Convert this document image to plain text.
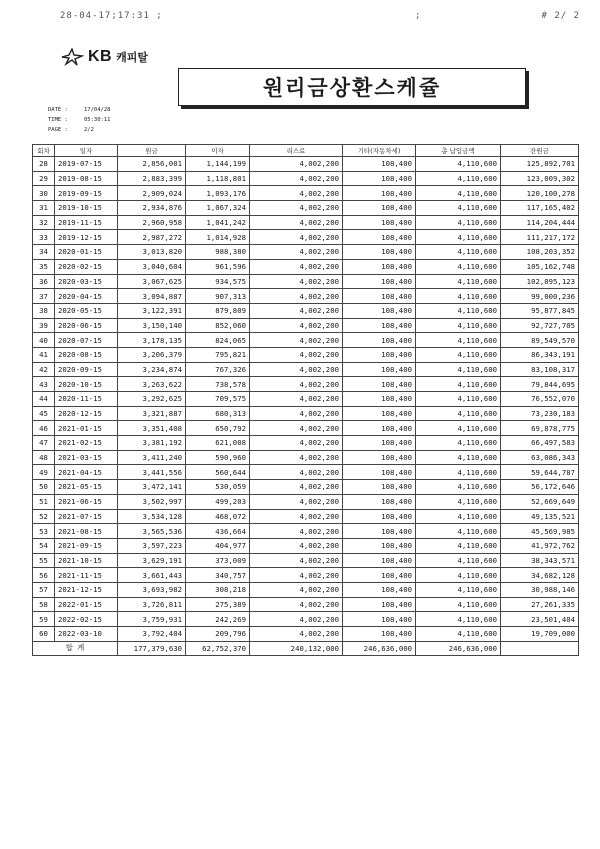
28-04-17;17:31 ;	;	# 2/ 2
KB 캐피탈
원리금상환스케쥴
DATE :	17/04/28
TIME :	05:30:11
PAGE :	2/2
회차	일자	원금	이자	리스료	기타(자동차세)	총 납입금액	잔원금
28	2019-07-15	2,856,001	1,144,199	4,002,200	108,400	4,110,600	125,892,701
29	2019-08-15	2,883,399	1,118,801	4,002,200	108,400	4,110,600	123,009,302
30	2019-09-15	2,909,024	1,093,176	4,002,200	108,400	4,110,600	120,100,278
31	2019-10-15	2,934,876	1,067,324	4,002,200	108,400	4,110,600	117,165,402
32	2019-11-15	2,960,958	1,041,242	4,002,200	108,400	4,110,600	114,204,444
33	2019-12-15	2,987,272	1,014,928	4,002,200	108,400	4,110,600	111,217,172
34	2020-01-15	3,013,820	988,380	4,002,200	108,400	4,110,600	108,203,352
35	2020-02-15	3,040,604	961,596	4,002,200	108,400	4,110,600	105,162,748
36	2020-03-15	3,067,625	934,575	4,002,200	108,400	4,110,600	102,095,123
37	2020-04-15	3,094,887	907,313	4,002,200	108,400	4,110,600	99,000,236
38	2020-05-15	3,122,391	879,809	4,002,200	108,400	4,110,600	95,877,845
39	2020-06-15	3,150,140	852,060	4,002,200	108,400	4,110,600	92,727,705
40	2020-07-15	3,178,135	824,065	4,002,200	108,400	4,110,600	89,549,570
41	2020-08-15	3,206,379	795,821	4,002,200	108,400	4,110,600	86,343,191
42	2020-09-15	3,234,874	767,326	4,002,200	108,400	4,110,600	83,108,317
43	2020-10-15	3,263,622	738,578	4,002,200	108,400	4,110,600	79,844,695
44	2020-11-15	3,292,625	709,575	4,002,200	108,400	4,110,600	76,552,070
45	2020-12-15	3,321,887	680,313	4,002,200	108,400	4,110,600	73,230,183
46	2021-01-15	3,351,408	650,792	4,002,200	108,400	4,110,600	69,878,775
47	2021-02-15	3,381,192	621,008	4,002,200	108,400	4,110,600	66,497,583
48	2021-03-15	3,411,240	590,960	4,002,200	108,400	4,110,600	63,086,343
49	2021-04-15	3,441,556	560,644	4,002,200	108,400	4,110,600	59,644,787
50	2021-05-15	3,472,141	530,059	4,002,200	108,400	4,110,600	56,172,646
51	2021-06-15	3,502,997	499,203	4,002,200	108,400	4,110,600	52,669,649
52	2021-07-15	3,534,128	468,072	4,002,200	108,400	4,110,600	49,135,521
53	2021-08-15	3,565,536	436,664	4,002,200	108,400	4,110,600	45,569,985
54	2021-09-15	3,597,223	404,977	4,002,200	108,400	4,110,600	41,972,762
55	2021-10-15	3,629,191	373,009	4,002,200	108,400	4,110,600	38,343,571
56	2021-11-15	3,661,443	340,757	4,002,200	108,400	4,110,600	34,682,128
57	2021-12-15	3,693,982	308,218	4,002,200	108,400	4,110,600	30,988,146
58	2022-01-15	3,726,811	275,389	4,002,200	108,400	4,110,600	27,261,335
59	2022-02-15	3,759,931	242,269	4,002,200	108,400	4,110,600	23,501,404
60	2022-03-10	3,792,404	209,796	4,002,200	108,400	4,110,600	19,709,000
합 계		177,379,630	62,752,370	240,132,000	246,636,000	246,636,000	
